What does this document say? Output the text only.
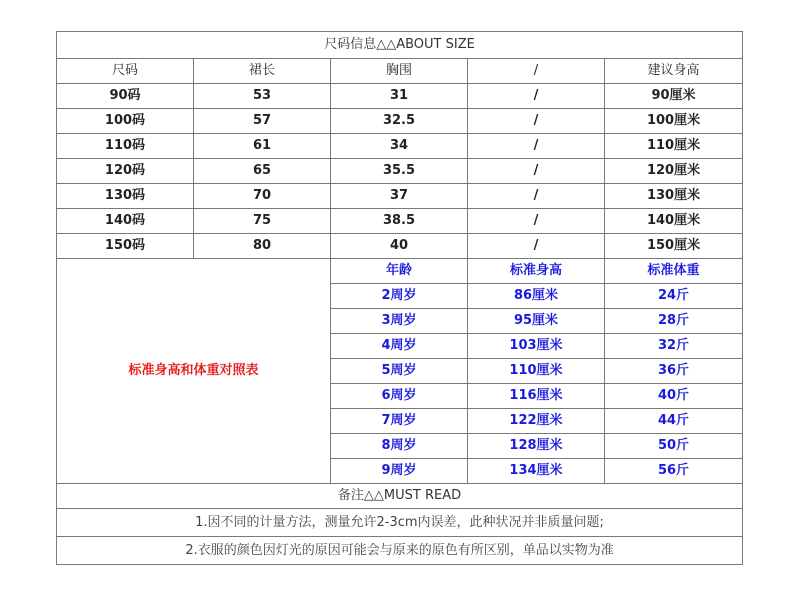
尺码信息△△ABOUT SIZE				
尺码	裙长	胸围	/	建议身高
90码	53	31	/	90厘米
100码	57	32.5	/	100厘米
110码	61	34	/	110厘米
120码	65	35.5	/	120厘米
130码	70	37	/	130厘米
140码	75	38.5	/	140厘米
150码	80	40	/	150厘米
标准身高和体重对照表		年龄	标准身高	标准体重
		2周岁	86厘米	24斤
		3周岁	95厘米	28斤
		4周岁	103厘米	32斤
		5周岁	110厘米	36斤
		6周岁	116厘米	40斤
		7周岁	122厘米	44斤
		8周岁	128厘米	50斤
		9周岁	134厘米	56斤
备注△△MUST READ				
1.因不同的计量方法，测量允许2-3cm内误差，此种状况并非质量问题;				
2.衣服的颜色因灯光的原因可能会与原来的原色有所区别，单品以实物为准				
